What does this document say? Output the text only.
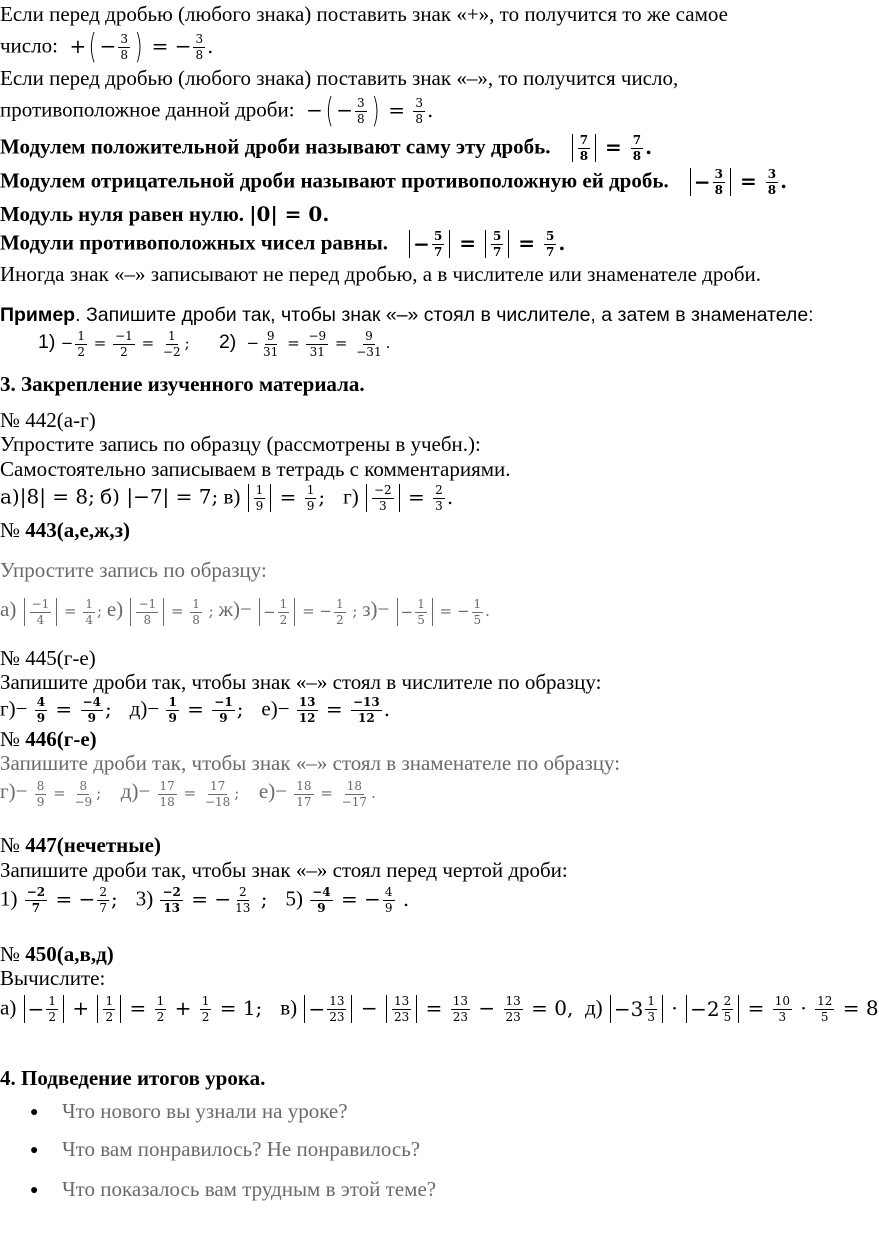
Если перед дробью (любого знака) поставить знак «+», то получится то же самое
число:  +( − $\frac{3}{8}$ ) = − $\frac{3}{8}$ .
Если перед дробью (любого знака) поставить знак «–», то получится число,
противоположное данной дроби:  −( − $\frac{3}{8}$ ) = $\frac{3}{8}$ .
Модулем положительной дроби называют саму эту дробь. $\frac{7}{8} = \frac{7}{8}$ .
Модулем отрицательной дроби называют противоположную ей дробь. − $\frac{3}{8} = \frac{3}{8}$ .
Модуль нуля равен нулю. |0| = 0.
Модули противоположных чисел равны. − $\frac{5}{7} = \frac{5}{7} = \frac{5}{7}$ .
Иногда знак «–» записывают не перед дробью, а в числителе или знаменателе дроби.
Пример. Запишите дроби так, чтобы знак «–» стоял в числителе, а затем в знаменателе:
$1) - \frac{1}{2} = \frac{-1}{2} = \frac{1}{-2}$ ;      $2) - \frac{9}{31} = \frac{-9}{31} = \frac{9}{-31}$ .
3. Закрепление изученного материала.
№ 442(а-г)
Упростите запись по образцу (рассмотрены в учебн.):
Самостоятельно записываем в тетрадь с комментариями.
а)|8| = 8; б) |−7| = 7; $в) \frac{1}{9} = \frac{1}{9}$ ;   $г) \frac{-2}{3} = \frac{2}{3}$ .
№ 443(а,е,ж,з)
Упростите запись по образцу:
$а) \frac{-1}{4} = \frac{1}{4}$ ; $е) \frac{-1}{8} = \frac{1}{8}$ ; $ж)- - \frac{1}{2}$ = − $\frac{1}{2}$ ; $з)- - \frac{1}{5}$ = − $\frac{1}{5}$ .
№ 445(г-е)
Запишите дроби так, чтобы знак «–» стоял в числителе по образцу:
$г)- \frac{4}{9} = \frac{-4}{9}$ ;   $д)- \frac{1}{9} = \frac{-1}{9}$ ;   $е)- \frac{13}{12} = \frac{-13}{12}$ .
№ 446(г-е)
Запишите дроби так, чтобы знак «–» стоял в знаменателе по образцу:
$г)- \frac{8}{9} = \frac{8}{-9}$ ;    $д)- \frac{17}{18} = \frac{17}{-18}$ ;    $е)- \frac{18}{17} = \frac{18}{-17}$ .
№ 447(нечетные)
Запишите дроби так, чтобы знак «–» стоял перед чертой дроби:
$1) \frac{-2}{7}$ = − $\frac{2}{7}$ ;   $3) \frac{-2}{13}$ = − $\frac{2}{13}$ ;   $5) \frac{-4}{9}$ = − $\frac{4}{9}$ .
№ 450(а,в,д)
Вычислите:
$а) - \frac{1}{2} + \frac{1}{2} = \frac{1}{2} + \frac{1}{2} = 1$;   $в) - \frac{13}{23} - \frac{13}{23} = \frac{13}{23} - \frac{13}{23} = 0$,  $д) -3 \frac{1}{3} \cdot -2 \frac{2}{5} = \frac{10}{3} \cdot \frac{12}{5} = 8$
4. Подведение итогов урока.
● Что нового вы узнали на уроке?
● Что вам понравилось? Не понравилось?
● Что показалось вам трудным в этой теме?
